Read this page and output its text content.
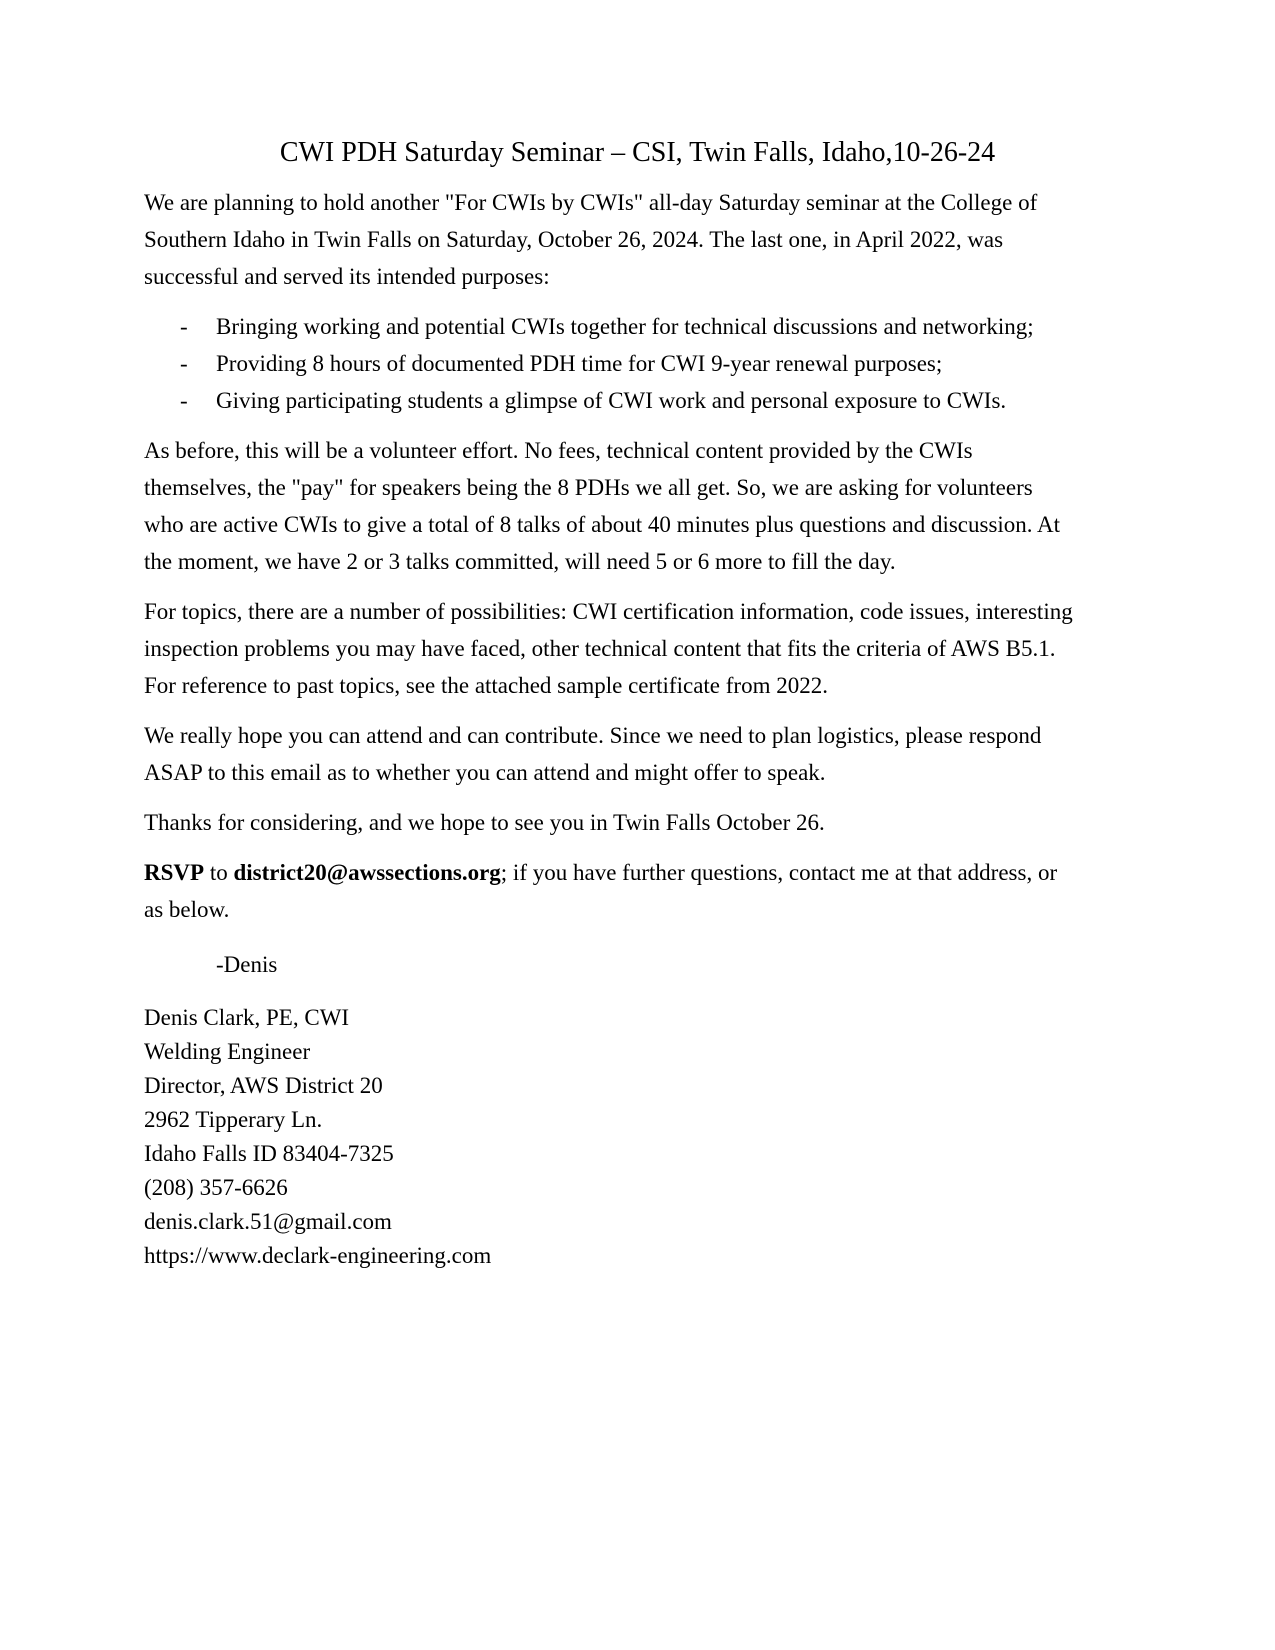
CWI PDH Saturday Seminar – CSI, Twin Falls, Idaho,10-26-24

We are planning to hold another "For CWIs by CWIs" all-day Saturday seminar at the College of Southern Idaho in Twin Falls on Saturday, October 26, 2024. The last one, in April 2022, was successful and served its intended purposes:

-	Bringing working and potential CWIs together for technical discussions and networking;
-	Providing 8 hours of documented PDH time for CWI 9-year renewal purposes;
-	Giving participating students a glimpse of CWI work and personal exposure to CWIs.

As before, this will be a volunteer effort. No fees, technical content provided by the CWIs themselves, the "pay" for speakers being the 8 PDHs we all get. So, we are asking for volunteers who are active CWIs to give a total of 8 talks of about 40 minutes plus questions and discussion. At the moment, we have 2 or 3 talks committed, will need 5 or 6 more to fill the day.

For topics, there are a number of possibilities: CWI certification information, code issues, interesting inspection problems you may have faced, other technical content that fits the criteria of AWS B5.1. For reference to past topics, see the attached sample certificate from 2022.

We really hope you can attend and can contribute. Since we need to plan logistics, please respond ASAP to this email as to whether you can attend and might offer to speak.

Thanks for considering, and we hope to see you in Twin Falls October 26.

RSVP to district20@awssections.org; if you have further questions, contact me at that address, or as below.

-Denis

Denis Clark, PE, CWI
Welding Engineer
Director, AWS District 20
2962 Tipperary Ln.
Idaho Falls ID 83404-7325
(208) 357-6626
denis.clark.51@gmail.com
https://www.declark-engineering.com
